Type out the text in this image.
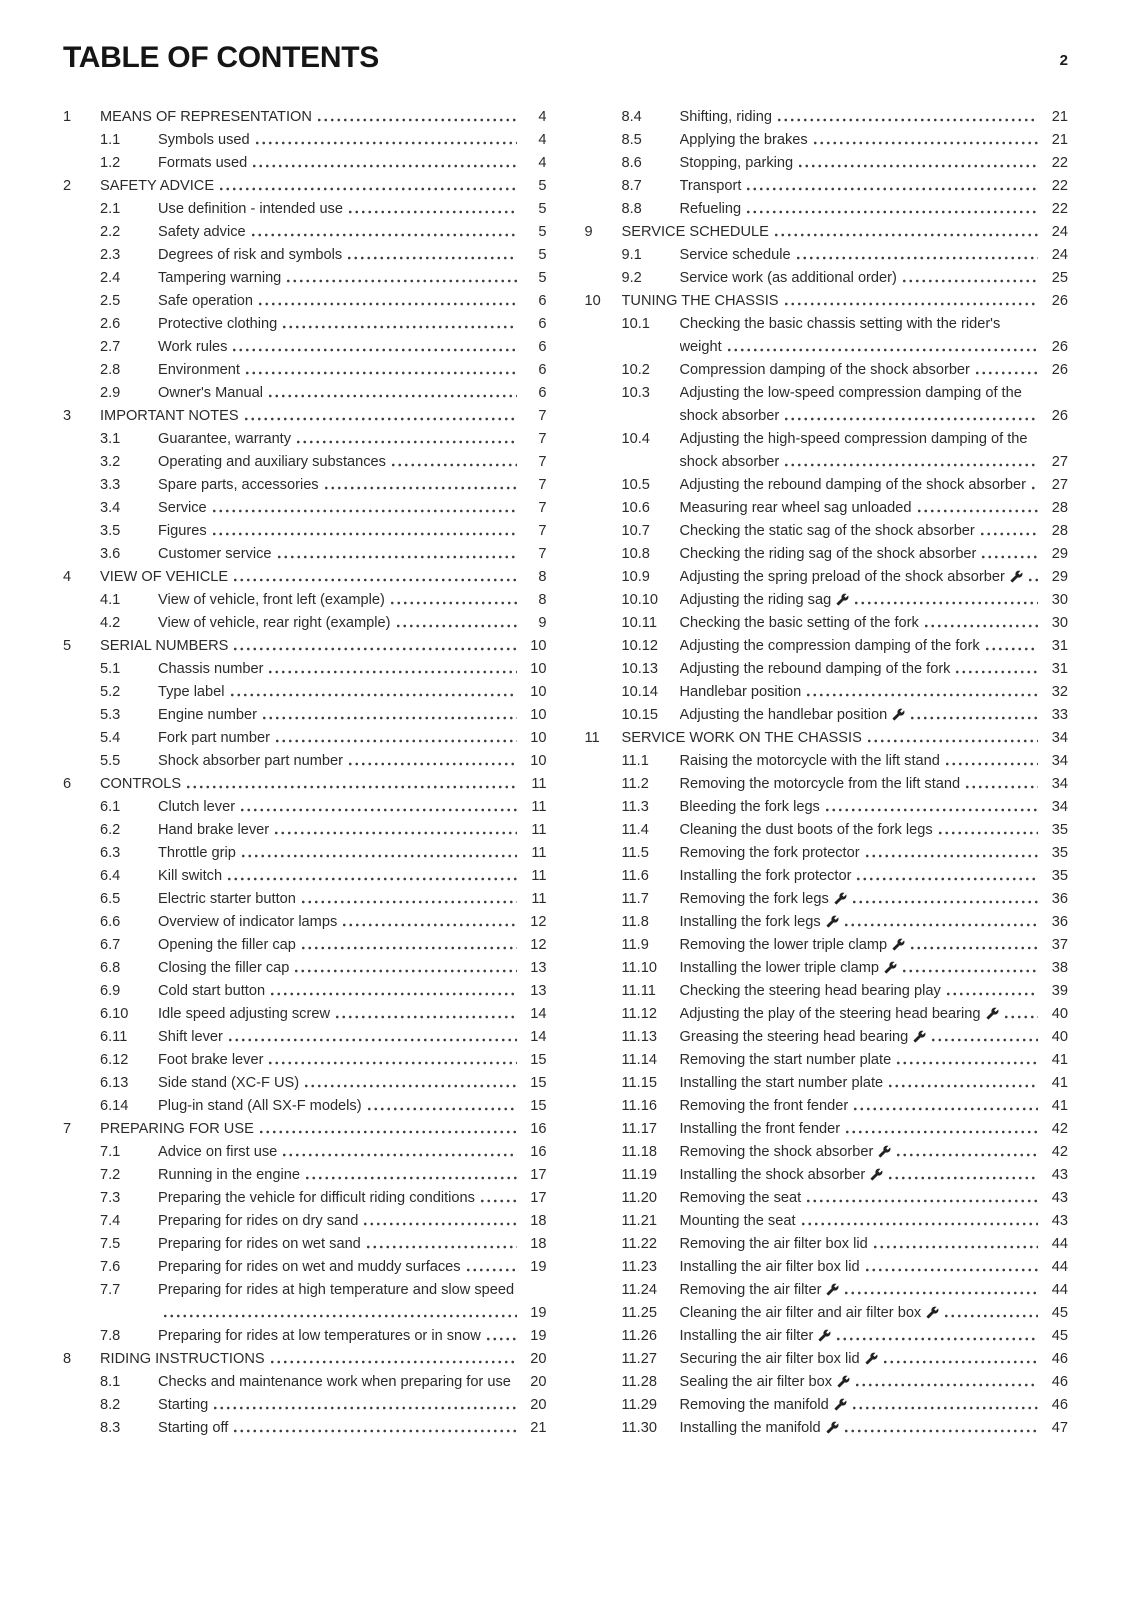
TABLE OF CONTENTS	2
1	MEANS OF REPRESENTATION	4
1.1	Symbols used	4
1.2	Formats used	4
2	SAFETY ADVICE	5
2.1	Use definition - intended use	5
2.2	Safety advice	5
2.3	Degrees of risk and symbols	5
2.4	Tampering warning	5
2.5	Safe operation	6
2.6	Protective clothing	6
2.7	Work rules	6
2.8	Environment	6
2.9	Owner's Manual	6
3	IMPORTANT NOTES	7
3.1	Guarantee, warranty	7
3.2	Operating and auxiliary substances	7
3.3	Spare parts, accessories	7
3.4	Service	7
3.5	Figures	7
3.6	Customer service	7
4	VIEW OF VEHICLE	8
4.1	View of vehicle, front left (example)	8
4.2	View of vehicle, rear right (example)	9
5	SERIAL NUMBERS	10
5.1	Chassis number	10
5.2	Type label	10
5.3	Engine number	10
5.4	Fork part number	10
5.5	Shock absorber part number	10
6	CONTROLS	11
6.1	Clutch lever	11
6.2	Hand brake lever	11
6.3	Throttle grip	11
6.4	Kill switch	11
6.5	Electric starter button	11
6.6	Overview of indicator lamps	12
6.7	Opening the filler cap	12
6.8	Closing the filler cap	13
6.9	Cold start button	13
6.10	Idle speed adjusting screw	14
6.11	Shift lever	14
6.12	Foot brake lever	15
6.13	Side stand (XC-F US)	15
6.14	Plug-in stand (All SX-F models)	15
7	PREPARING FOR USE	16
7.1	Advice on first use	16
7.2	Running in the engine	17
7.3	Preparing the vehicle for difficult riding conditions	17
7.4	Preparing for rides on dry sand	18
7.5	Preparing for rides on wet sand	18
7.6	Preparing for rides on wet and muddy surfaces	19
7.7	Preparing for rides at high temperature and slow speed
19
7.8	Preparing for rides at low temperatures or in snow	19
8	RIDING INSTRUCTIONS	20
8.1	Checks and maintenance work when preparing for use	20
8.2	Starting	20
8.3	Starting off	21
8.4	Shifting, riding	21
8.5	Applying the brakes	21
8.6	Stopping, parking	22
8.7	Transport	22
8.8	Refueling	22
9	SERVICE SCHEDULE	24
9.1	Service schedule	24
9.2	Service work (as additional order)	25
10	TUNING THE CHASSIS	26
10.1	Checking the basic chassis setting with the rider's weight	26
10.2	Compression damping of the shock absorber	26
10.3	Adjusting the low-speed compression damping of the shock absorber	26
10.4	Adjusting the high-speed compression damping of the shock absorber	27
10.5	Adjusting the rebound damping of the shock absorber	27
10.6	Measuring rear wheel sag unloaded	28
10.7	Checking the static sag of the shock absorber	28
10.8	Checking the riding sag of the shock absorber	29
10.9	Adjusting the spring preload of the shock absorber	29
10.10	Adjusting the riding sag	30
10.11	Checking the basic setting of the fork	30
10.12	Adjusting the compression damping of the fork	31
10.13	Adjusting the rebound damping of the fork	31
10.14	Handlebar position	32
10.15	Adjusting the handlebar position	33
11	SERVICE WORK ON THE CHASSIS	34
11.1	Raising the motorcycle with the lift stand	34
11.2	Removing the motorcycle from the lift stand	34
11.3	Bleeding the fork legs	34
11.4	Cleaning the dust boots of the fork legs	35
11.5	Removing the fork protector	35
11.6	Installing the fork protector	35
11.7	Removing the fork legs	36
11.8	Installing the fork legs	36
11.9	Removing the lower triple clamp	37
11.10	Installing the lower triple clamp	38
11.11	Checking the steering head bearing play	39
11.12	Adjusting the play of the steering head bearing	40
11.13	Greasing the steering head bearing	40
11.14	Removing the start number plate	41
11.15	Installing the start number plate	41
11.16	Removing the front fender	41
11.17	Installing the front fender	42
11.18	Removing the shock absorber	42
11.19	Installing the shock absorber	43
11.20	Removing the seat	43
11.21	Mounting the seat	43
11.22	Removing the air filter box lid	44
11.23	Installing the air filter box lid	44
11.24	Removing the air filter	44
11.25	Cleaning the air filter and air filter box	45
11.26	Installing the air filter	45
11.27	Securing the air filter box lid	46
11.28	Sealing the air filter box	46
11.29	Removing the manifold	46
11.30	Installing the manifold	47
